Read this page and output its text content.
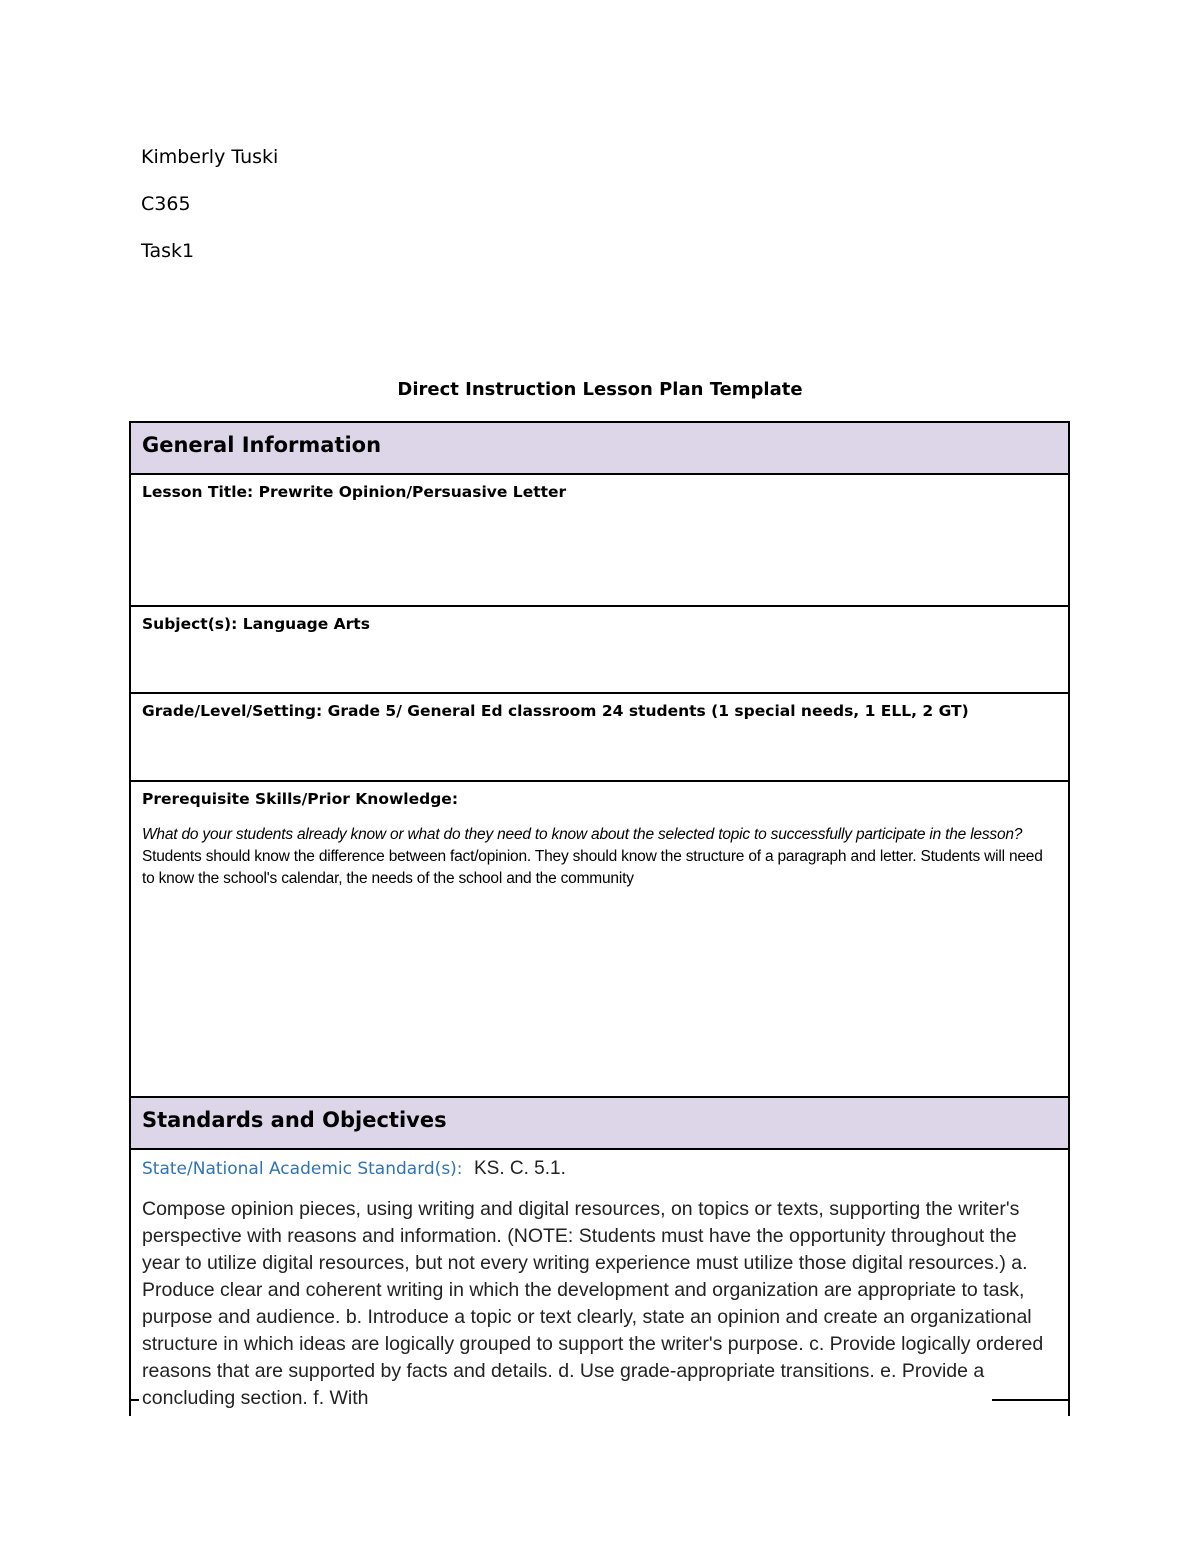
Kimberly Tuski
C365
Task1
Direct Instruction Lesson Plan Template
General Information
Lesson Title: Prewrite Opinion/Persuasive Letter
Subject(s): Language Arts
Grade/Level/Setting: Grade 5/ General Ed classroom 24 students (1 special needs, 1 ELL, 2 GT)
Prerequisite Skills/Prior Knowledge:
What do your students already know or what do they need to know about the selected topic to successfully participate in the lesson?  Students should know the difference between fact/opinion. They should know the structure of a paragraph and letter. Students will need to know the school's calendar, the needs of the school and the community
Standards and Objectives
State/National Academic Standard(s): KS. C. 5.1.
Compose opinion pieces, using writing and digital resources, on topics or texts, supporting the writer's perspective with reasons and information. (NOTE: Students must have the opportunity throughout the year to utilize digital resources, but not every writing experience must utilize those digital resources.) a. Produce clear and coherent writing in which the development and organization are appropriate to task, purpose and audience. b. Introduce a topic or text clearly, state an opinion and create an organizational structure in which ideas are logically grouped to support the writer's purpose. c. Provide logically ordered reasons that are supported by facts and details. d. Use grade-appropriate transitions. e. Provide a concluding section. f. With
